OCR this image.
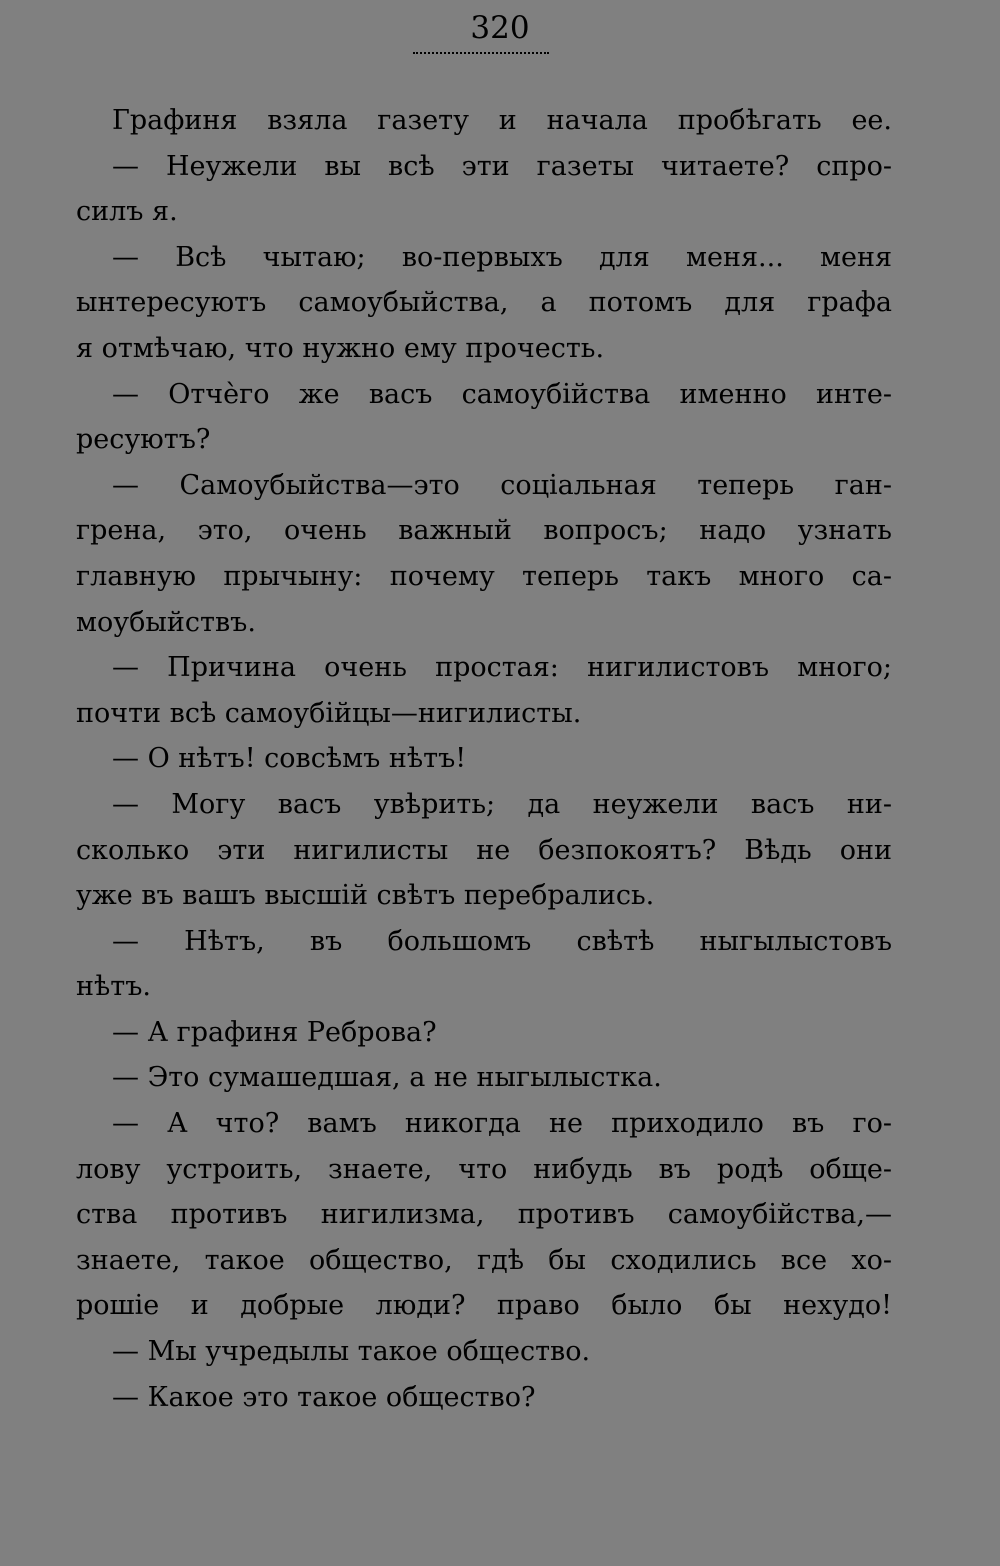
320
Графиня взяла газету и начала пробѣгать ее.
— Неужели вы всѣ эти газеты читаете? спро-
силъ я.
— Всѣ чытаю; во-первыхъ для меня... меня
ынтересуютъ самоубыйства, а потомъ для графа
я отмѣчаю, что нужно ему прочесть.
— Отчѐго же васъ самоубійства именно инте-
ресуютъ?
— Самоубыйства—это соціальная теперь ган-
грена, это, очень важный вопросъ; надо узнать
главную прычыну: почему теперь такъ много са-
моубыйствъ.
— Причина очень простая: нигилистовъ много;
почти всѣ самоубійцы—нигилисты.
— О нѣтъ! совсѣмъ нѣтъ!
— Могу васъ увѣрить; да неужели васъ ни-
сколько эти нигилисты не безпокоятъ? Вѣдь они
уже въ вашъ высшій свѣтъ перебрались.
— Нѣтъ, въ большомъ свѣтѣ ныгылыстовъ
нѣтъ.
— А графиня Реброва?
— Это сумашедшая, а не ныгылыстка.
— А что? вамъ никогда не приходило въ го-
лову устроить, знаете, что нибудь въ родѣ обще-
ства противъ нигилизма, противъ самоубійства,—
знаете, такое общество, гдѣ бы сходились все хо-
рошіе и добрые люди? право было бы нехудо!
— Мы учредылы такое общество.
— Какое это такое общество?
